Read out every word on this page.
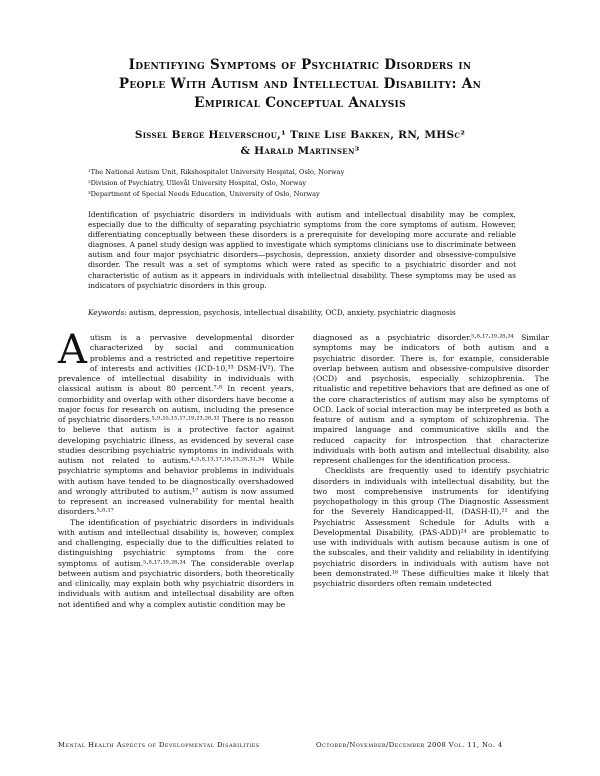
Identifying Symptoms of Psychiatric Disorders in
People With Autism and Intellectual Disability: An
Empirical Conceptual Analysis
Sissel Berge Helverschou,¹ Trine Lise Bakken, RN, MHSc²
& Harald Martinsen³
¹The National Autism Unit, Rikshospitalet University Hospital, Oslo, Norway
²Division of Psychiatry, Ullevål University Hospital, Oslo, Norway
³Department of Special Needs Education, University of Oslo, Norway
Identification of psychiatric disorders in individuals with autism and intellectual disability may be complex, especially due to the difficulty of separating psychiatric symptoms from the core symptoms of autism. However, differentiating conceptually between these disorders is a prerequisite for developing more accurate and reliable diagnoses. A panel study design was applied to investigate which symptoms clinicians use to discriminate between autism and four major psychiatric disorders—psychosis, depression, anxiety disorder and obsessive-compulsive disorder. The result was a set of symptoms which were rated as specific to a psychiatric disorder and not characteristic of autism as it appears in individuals with intellectual disability. These symptoms may be used as indicators of psychiatric disorders in this group.
Keywords: autism, depression, psychosis, intellectual disability, OCD, anxiety, psychiatric diagnosis

Autism is a pervasive developmental disorder characterized by social and communication problems and a restricted and repetitive repertoire of interests and activities (ICD-10,³³ DSM-IV²). The prevalence of intellectual disability in individuals with classical autism is about 80 percent.⁷·⁸ In recent years, comorbidity and overlap with other disorders have become a major focus for research on autism, including the presence of psychiatric disorders.⁵·⁹·¹⁰·¹³·¹⁷·¹⁹·²³·²⁸·³² There is no reason to believe that autism is a protective factor against developing psychiatric illness, as evidenced by several case studies describing psychiatric symptoms in individuals with autism not related to autism.⁴·⁵·⁸·¹³·¹⁷·¹⁸·²³·²⁸·³¹·³⁴ While psychiatric symptoms and behavior problems in individuals with autism have tended to be diagnostically overshadowed and wrongly attributed to autism,¹⁷ autism is now assumed to represent an increased vulnerability for mental health disorders.⁵·⁸·¹⁷

The identification of psychiatric disorders in individuals with autism and intellectual disability is, however, complex and challenging, especially due to the difficulties related to distinguishing psychiatric symptoms from the core symptoms of autism.⁵·⁸·¹⁷·¹⁹·²⁸·³⁴ The considerable overlap between autism and psychiatric disorders, both theoretically and clinically, may explain both why psychiatric disorders in individuals with autism and intellectual disability are often not identified and why a complex autistic condition may be

diagnosed as a psychiatric disorder.⁵·⁸·¹⁷·¹⁹·²⁸·³⁴ Similar symptoms may be indicators of both autism and a psychiatric disorder. There is, for example, considerable overlap between autism and obsessive-compulsive disorder (OCD) and psychosis, especially schizophrenia. The ritualistic and repetitive behaviors that are defined as one of the core characteristics of autism may also be symptoms of OCD. Lack of social interaction may be interpreted as both a feature of autism and a symptom of schizophrenia. The impaired language and communicative skills and the reduced capacity for introspection that characterize individuals with both autism and intellectual disability, also represent challenges for the identification process.

Checklists are frequently used to identify psychiatric disorders in individuals with intellectual disability, but the two most comprehensive instruments for identifying psychopathology in this group (The Diagnostic Assessment for the Severely Handicapped-II, (DASH-II),²² and the Psychiatric Assessment Schedule for Adults with a Developmental Disability, (PAS-ADD)²⁴ are problematic to use with individuals with autism because autism is one of the subscales, and their validity and reliability in identifying psychiatric disorders in individuals with autism have not been demonstrated.¹⁸ These difficulties make it likely that psychiatric disorders often remain undetected

Mental Health Aspects of Developmental Disabilities	October/November/December 2008 Vol. 11, No. 4
